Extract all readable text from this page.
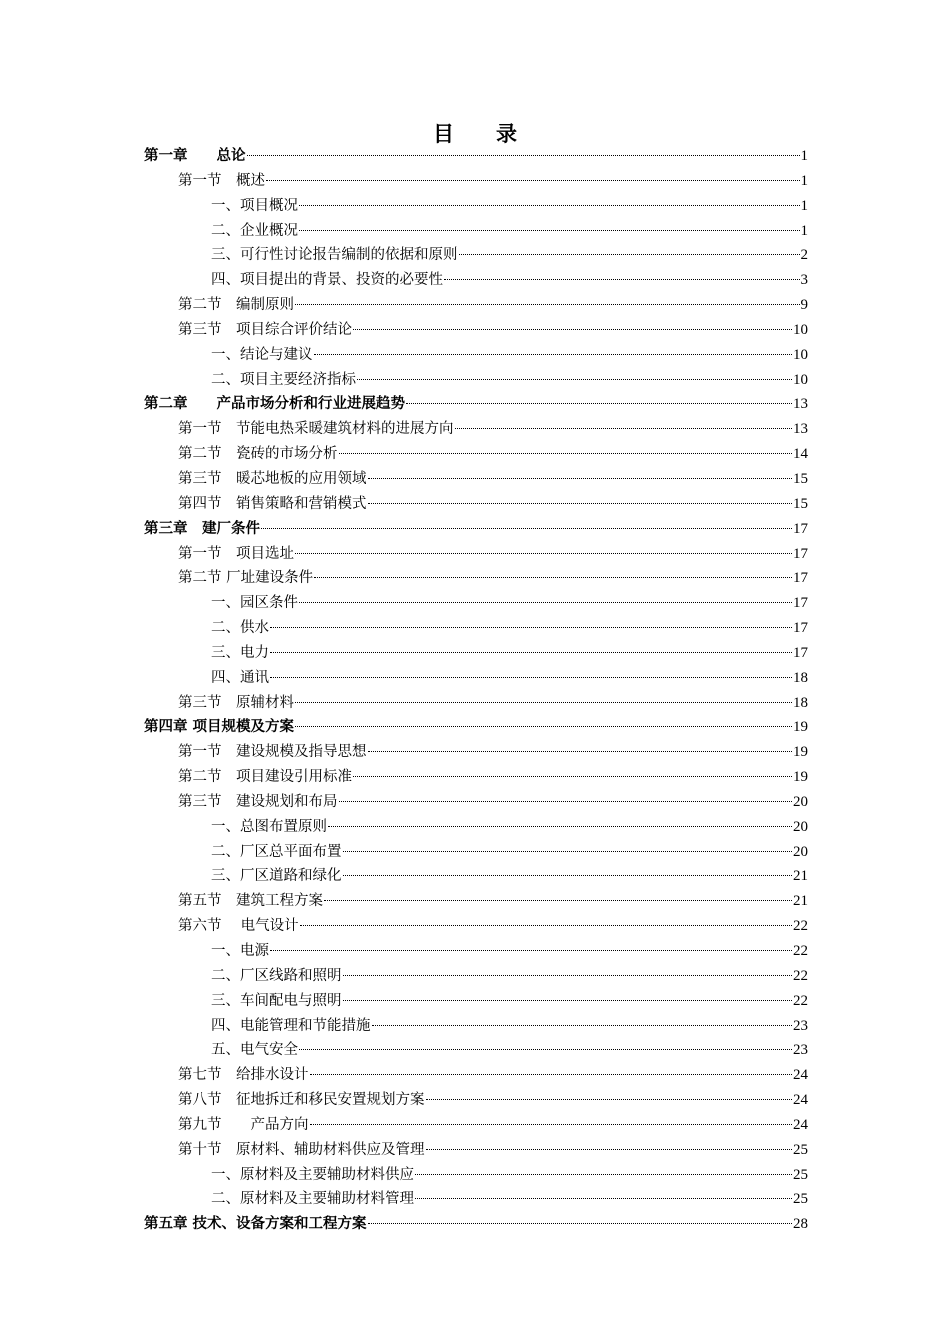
目　　录
第一章　　总论	1
第一节　概述	1
一、项目概况	1
二、企业概况	1
三、可行性讨论报告编制的依据和原则	2
四、项目提出的背景、投资的必要性	3
第二节　编制原则	9
第三节　项目综合评价结论	10
一、结论与建议	10
二、项目主要经济指标	10
第二章　　产品市场分析和行业进展趋势	13
第一节　节能电热采暖建筑材料的进展方向	13
第二节　瓷砖的市场分析	14
第三节　暖芯地板的应用领域	15
第四节　销售策略和营销模式	15
第三章　建厂条件	17
第一节　项目选址	17
第二节 厂址建设条件	17
一、园区条件	17
二、供水	17
三、电力	17
四、通讯	18
第三节　原辅材料	18
第四章 项目规模及方案	19
第一节　建设规模及指导思想	19
第二节　项目建设引用标准	19
第三节　建设规划和布局	20
一、总图布置原则	20
二、厂区总平面布置	20
三、厂区道路和绿化	21
第五节　建筑工程方案	21
第六节　 电气设计	22
一、电源	22
二、厂区线路和照明	22
三、车间配电与照明	22
四、电能管理和节能措施	23
五、电气安全	23
第七节　给排水设计	24
第八节　征地拆迁和移民安置规划方案	24
第九节　　产品方向	24
第十节　原材料、辅助材料供应及管理	25
一、原材料及主要辅助材料供应	25
二、原材料及主要辅助材料管理	25
第五章 技术、设备方案和工程方案	28
